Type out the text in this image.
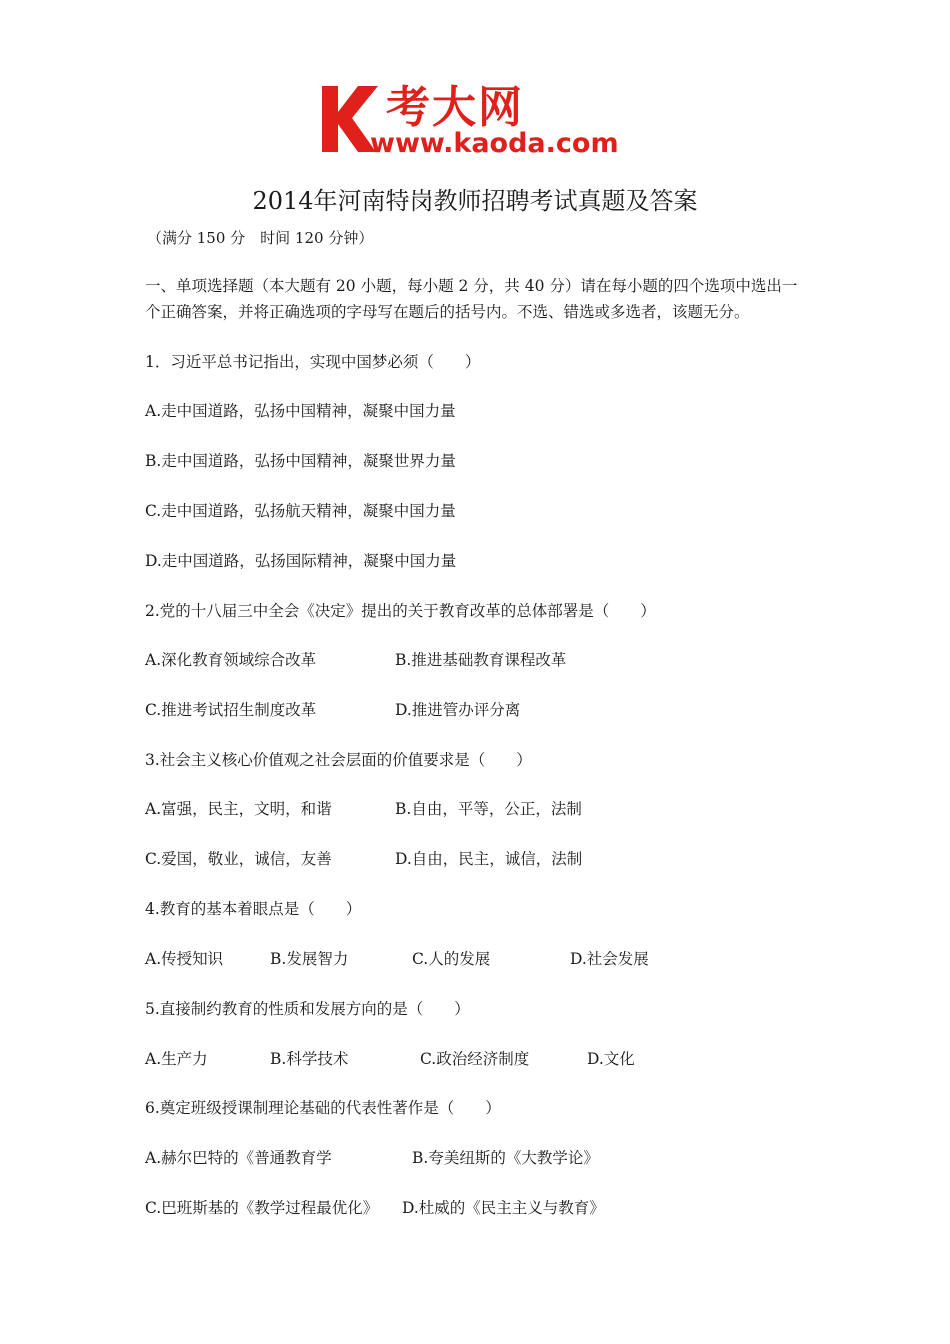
考大网
www.kaoda.com
2014年河南特岗教师招聘考试真题及答案
（满分 150 分　时间 120 分钟）
一、单项选择题（本大题有 20 小题，每小题 2 分，共 40 分）请在每小题的四个选项中选出一
个正确答案，并将正确选项的字母写在题后的括号内。不选、错选或多选者，该题无分。
1．习近平总书记指出，实现中国梦必须（　　）
A.走中国道路，弘扬中国精神，凝聚中国力量
B.走中国道路，弘扬中国精神，凝聚世界力量
C.走中国道路，弘扬航天精神，凝聚中国力量
D.走中国道路，弘扬国际精神，凝聚中国力量
2.党的十八届三中全会《决定》提出的关于教育改革的总体部署是（　　）
A.深化教育领域综合改革	B.推进基础教育课程改革
C.推进考试招生制度改革	D.推进管办评分离
3.社会主义核心价值观之社会层面的价值要求是（　　）
A.富强，民主，文明，和谐	B.自由，平等，公正，法制
C.爱国，敬业，诚信，友善	D.自由，民主，诚信，法制
4.教育的基本着眼点是（　　）
A.传授知识	B.发展智力	C.人的发展	D.社会发展
5.直接制约教育的性质和发展方向的是（　　）
A.生产力	B.科学技术	C.政治经济制度	D.文化
6.奠定班级授课制理论基础的代表性著作是（　　）
A.赫尔巴特的《普通教育学	B.夸美纽斯的《大教学论》
C.巴班斯基的《教学过程最优化》 D.杜威的《民主主义与教育》
